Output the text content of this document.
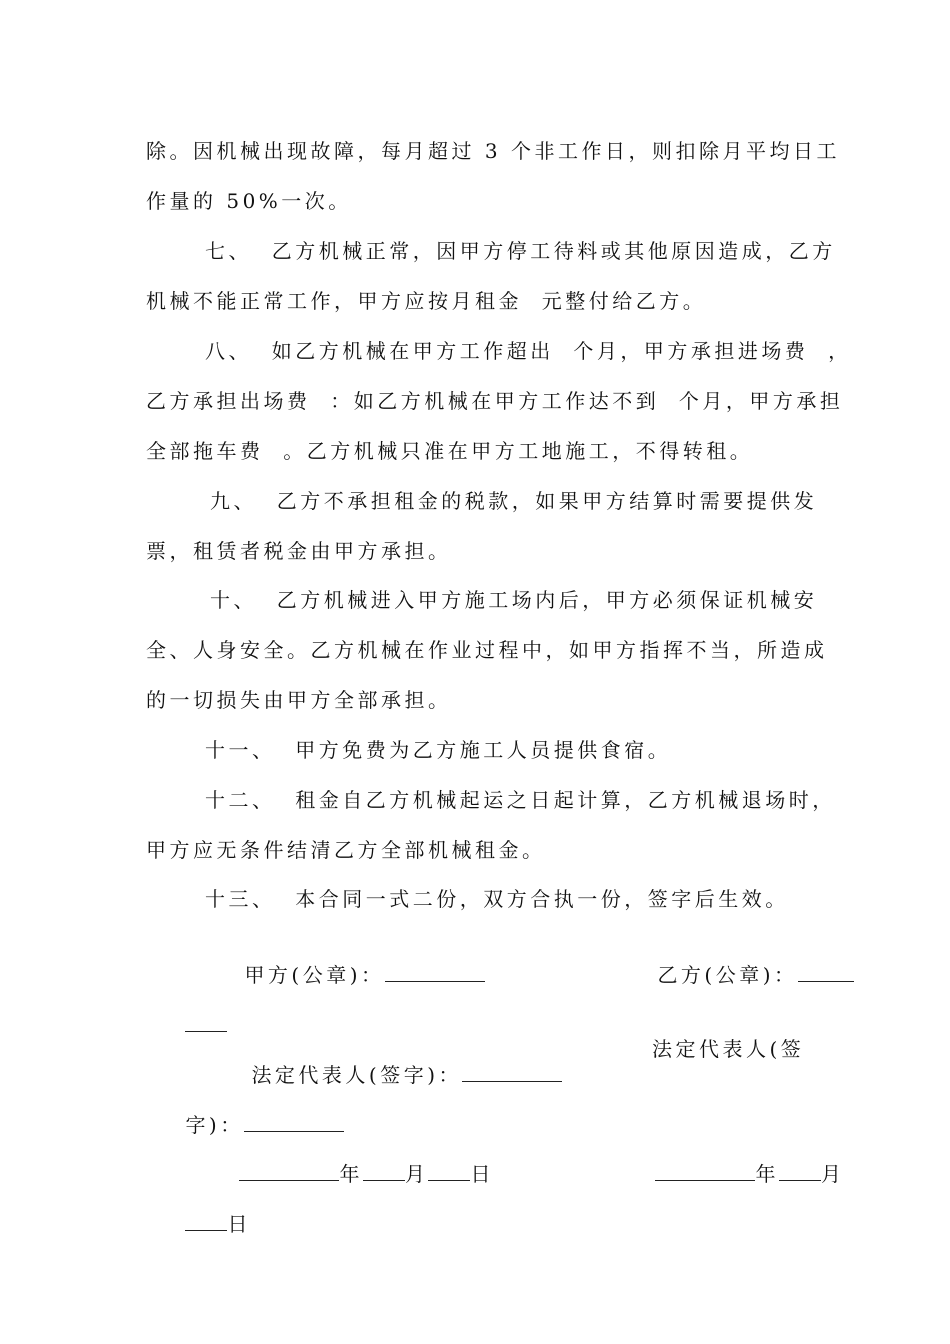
除。因机械出现故障，每月超过 3 个非工作日，则扣除月平均日工
作量的 50%一次。
七、  乙方机械正常，因甲方停工待料或其他原因造成，乙方
机械不能正常工作，甲方应按月租金  元整付给乙方。
八、  如乙方机械在甲方工作超出  个月，甲方承担进场费  ，
乙方承担出场费  ：如乙方机械在甲方工作达不到  个月，甲方承担
全部拖车费  。乙方机械只准在甲方工地施工，不得转租。
九、  乙方不承担租金的税款，如果甲方结算时需要提供发
票，租赁者税金由甲方承担。
十、  乙方机械进入甲方施工场内后，甲方必须保证机械安
全、人身安全。乙方机械在作业过程中，如甲方指挥不当，所造成
的一切损失由甲方全部承担。
十一、  甲方免费为乙方施工人员提供食宿。
十二、  租金自乙方机械起运之日起计算，乙方机械退场时，
甲方应无条件结清乙方全部机械租金。
十三、  本合同一式二份，双方合执一份，签字后生效。

甲方(公章)：
	乙方(公章)：

法定代表人(签字)：

法定代表人(签

字)：

年 月 日
	年 月

日
